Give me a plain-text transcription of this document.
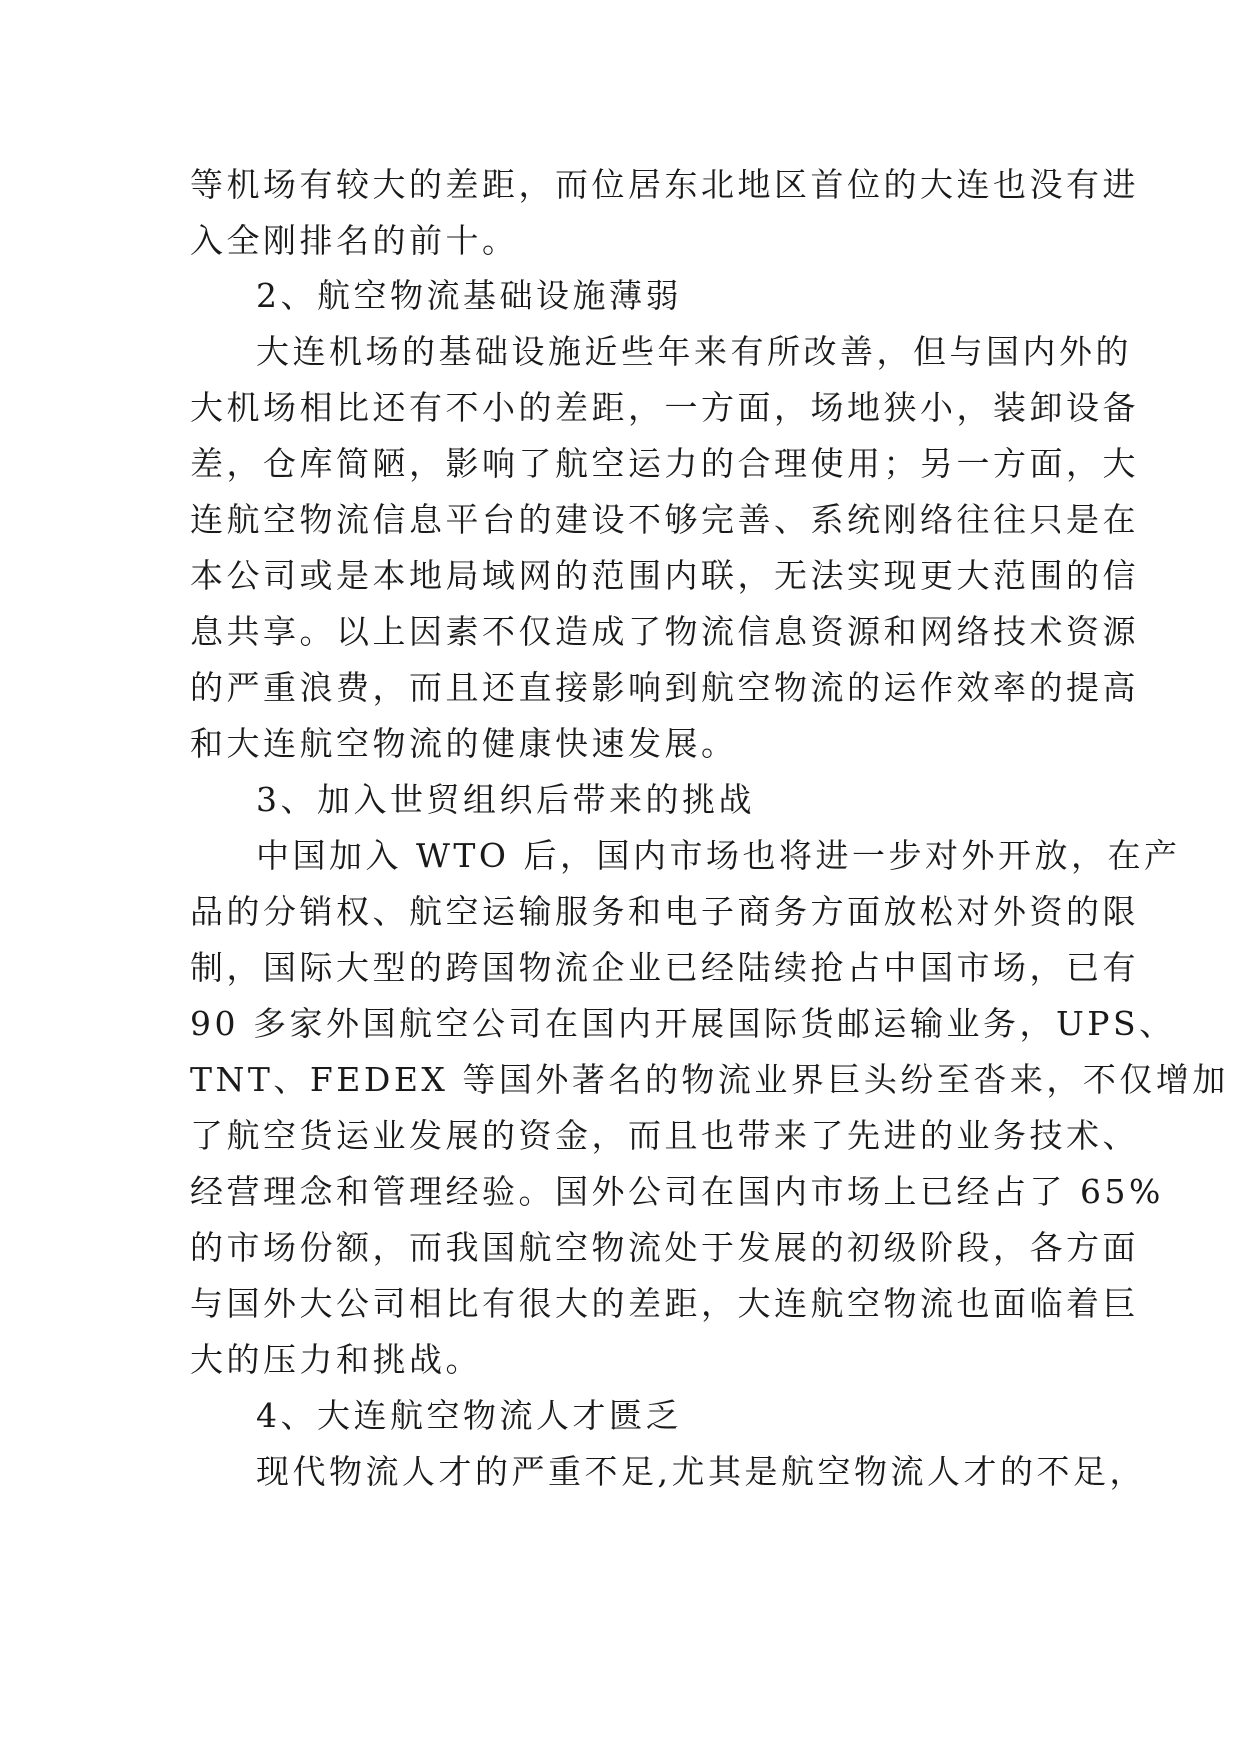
等机场有较大的差距，而位居东北地区首位的大连也没有进
入全刚排名的前十。
2、航空物流基础设施薄弱
大连机场的基础设施近些年来有所改善，但与国内外的
大机场相比还有不小的差距，一方面，场地狭小，装卸设备
差，仓库简陋，影响了航空运力的合理使用；另一方面，大
连航空物流信息平台的建设不够完善、系统刚络往往只是在
本公司或是本地局域网的范围内联，无法实现更大范围的信
息共享。以上因素不仅造成了物流信息资源和网络技术资源
的严重浪费，而且还直接影响到航空物流的运作效率的提高
和大连航空物流的健康快速发展。
3、加入世贸组织后带来的挑战
中国加入 WTO 后，国内市场也将进一步对外开放，在产
品的分销权、航空运输服务和电子商务方面放松对外资的限
制，国际大型的跨国物流企业已经陆续抢占中国市场，已有
90 多家外国航空公司在国内开展国际货邮运输业务，UPS、
TNT、FEDEX 等国外著名的物流业界巨头纷至沓来，不仅增加
了航空货运业发展的资金，而且也带来了先进的业务技术、
经营理念和管理经验。国外公司在国内市场上已经占了 65%
的市场份额，而我国航空物流处于发展的初级阶段，各方面
与国外大公司相比有很大的差距，大连航空物流也面临着巨
大的压力和挑战。
4、大连航空物流人才匮乏
现代物流人才的严重不足,尤其是航空物流人才的不足，
